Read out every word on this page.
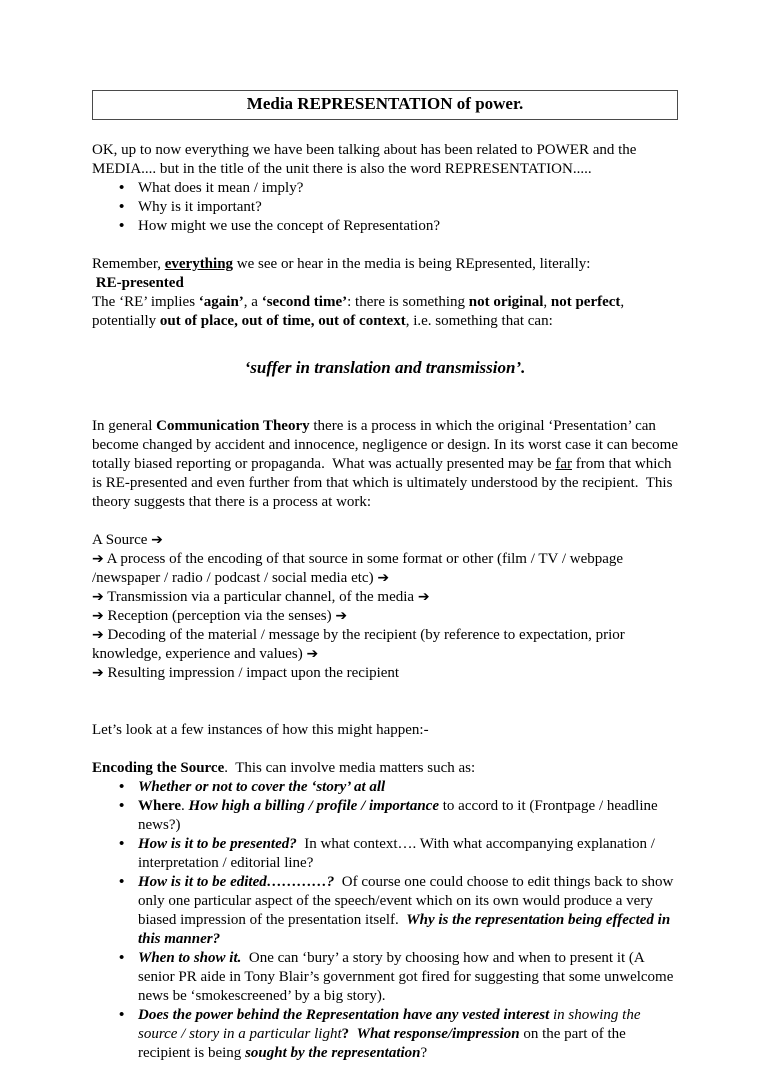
Media REPRESENTATION of power.

OK, up to now everything we have been talking about has been related to POWER and the MEDIA.... but in the title of the unit there is also the word REPRESENTATION.....

• What does it mean / imply?
• Why is it important?
• How might we use the concept of Representation?

Remember, everything we see or hear in the media is being REpresented, literally:

RE-presented

The ‘RE’ implies ‘again’, a ‘second time’: there is something not original, not perfect, potentially out of place, out of time, out of context, i.e. something that can:

‘suffer in translation and transmission’.

In general Communication Theory there is a process in which the original ‘Presentation’ can become changed by accident and innocence, negligence or design. In its worst case it can become totally biased reporting or propaganda.  What was actually presented may be far from that which is RE-presented and even further from that which is ultimately understood by the recipient.  This theory suggests that there is a process at work:

A Source ➔

➔ A process of the encoding of that source in some format or other (film / TV / webpage /newspaper / radio / podcast / social media etc) ➔

➔ Transmission via a particular channel, of the media ➔

➔ Reception (perception via the senses) ➔

➔ Decoding of the material / message by the recipient (by reference to expectation, prior knowledge, experience and values) ➔

➔ Resulting impression / impact upon the recipient

Let’s look at a few instances of how this might happen:-

Encoding the Source.  This can involve media matters such as:

• Whether or not to cover the ‘story’ at all
• Where. How high a billing / profile / importance to accord to it (Frontpage / headline news?)
• How is it to be presented?  In what context…. With what accompanying explanation / interpretation / editorial line?
• How is it to be edited…………?  Of course one could choose to edit things back to show only one particular aspect of the speech/event which on its own would produce a very biased impression of the presentation itself.  Why is the representation being effected in this manner?
• When to show it.  One can ‘bury’ a story by choosing how and when to present it (A senior PR aide in Tony Blair’s government got fired for suggesting that some unwelcome news be ‘smokescreened’ by a big story).
• Does the power behind the Representation have any vested interest in showing the source / story in a particular light? What response/impression on the part of the recipient is being sought by the representation?
